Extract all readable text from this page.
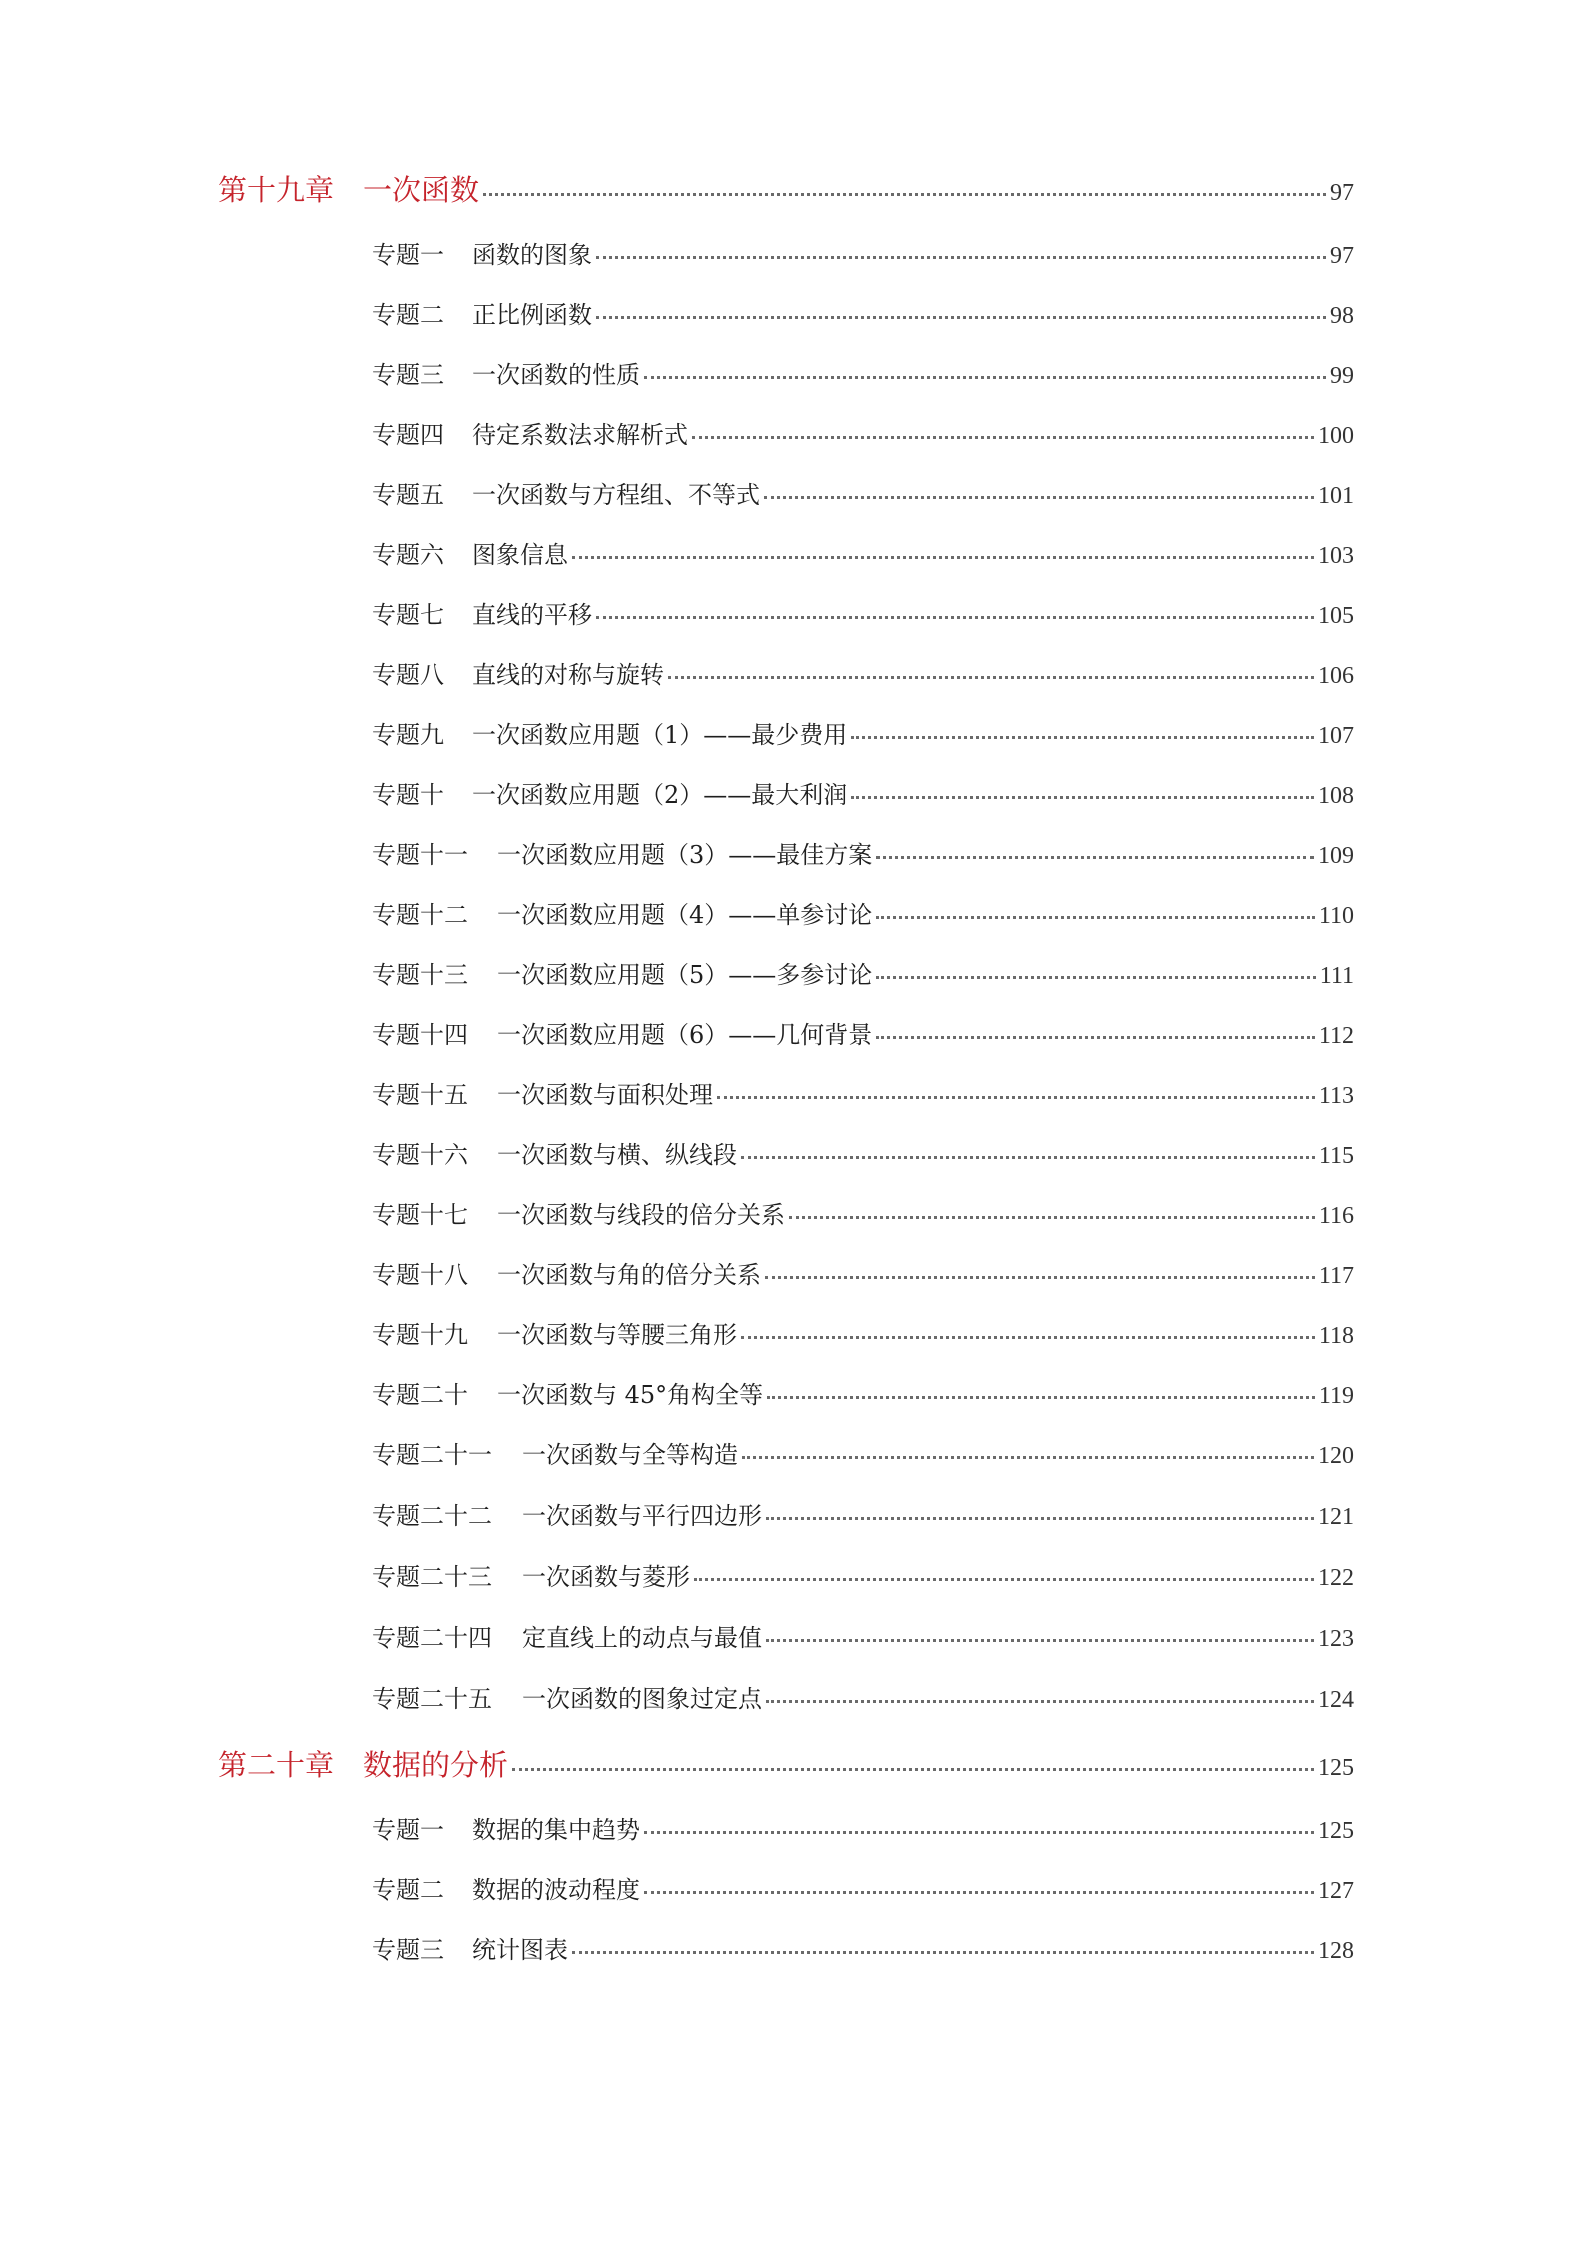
第十九章 一次函数	97
专题一	函数的图象	97
专题二	正比例函数	98
专题三	一次函数的性质	99
专题四	待定系数法求解析式	100
专题五	一次函数与方程组、不等式	101
专题六	图象信息	103
专题七	直线的平移	105
专题八	直线的对称与旋转	106
专题九	一次函数应用题（1）——最少费用	107
专题十	一次函数应用题（2）——最大利润	108
专题十一	一次函数应用题（3）——最佳方案	109
专题十二	一次函数应用题（4）——单参讨论	110
专题十三	一次函数应用题（5）——多参讨论	111
专题十四	一次函数应用题（6）——几何背景	112
专题十五	一次函数与面积处理	113
专题十六	一次函数与横、纵线段	115
专题十七	一次函数与线段的倍分关系	116
专题十八	一次函数与角的倍分关系	117
专题十九	一次函数与等腰三角形	118
专题二十	一次函数与 45°角构全等	119
专题二十一	一次函数与全等构造	120
专题二十二	一次函数与平行四边形	121
专题二十三	一次函数与菱形	122
专题二十四	定直线上的动点与最值	123
专题二十五	一次函数的图象过定点	124
第二十章 数据的分析	125
专题一	数据的集中趋势	125
专题二	数据的波动程度	127
专题三	统计图表	128
